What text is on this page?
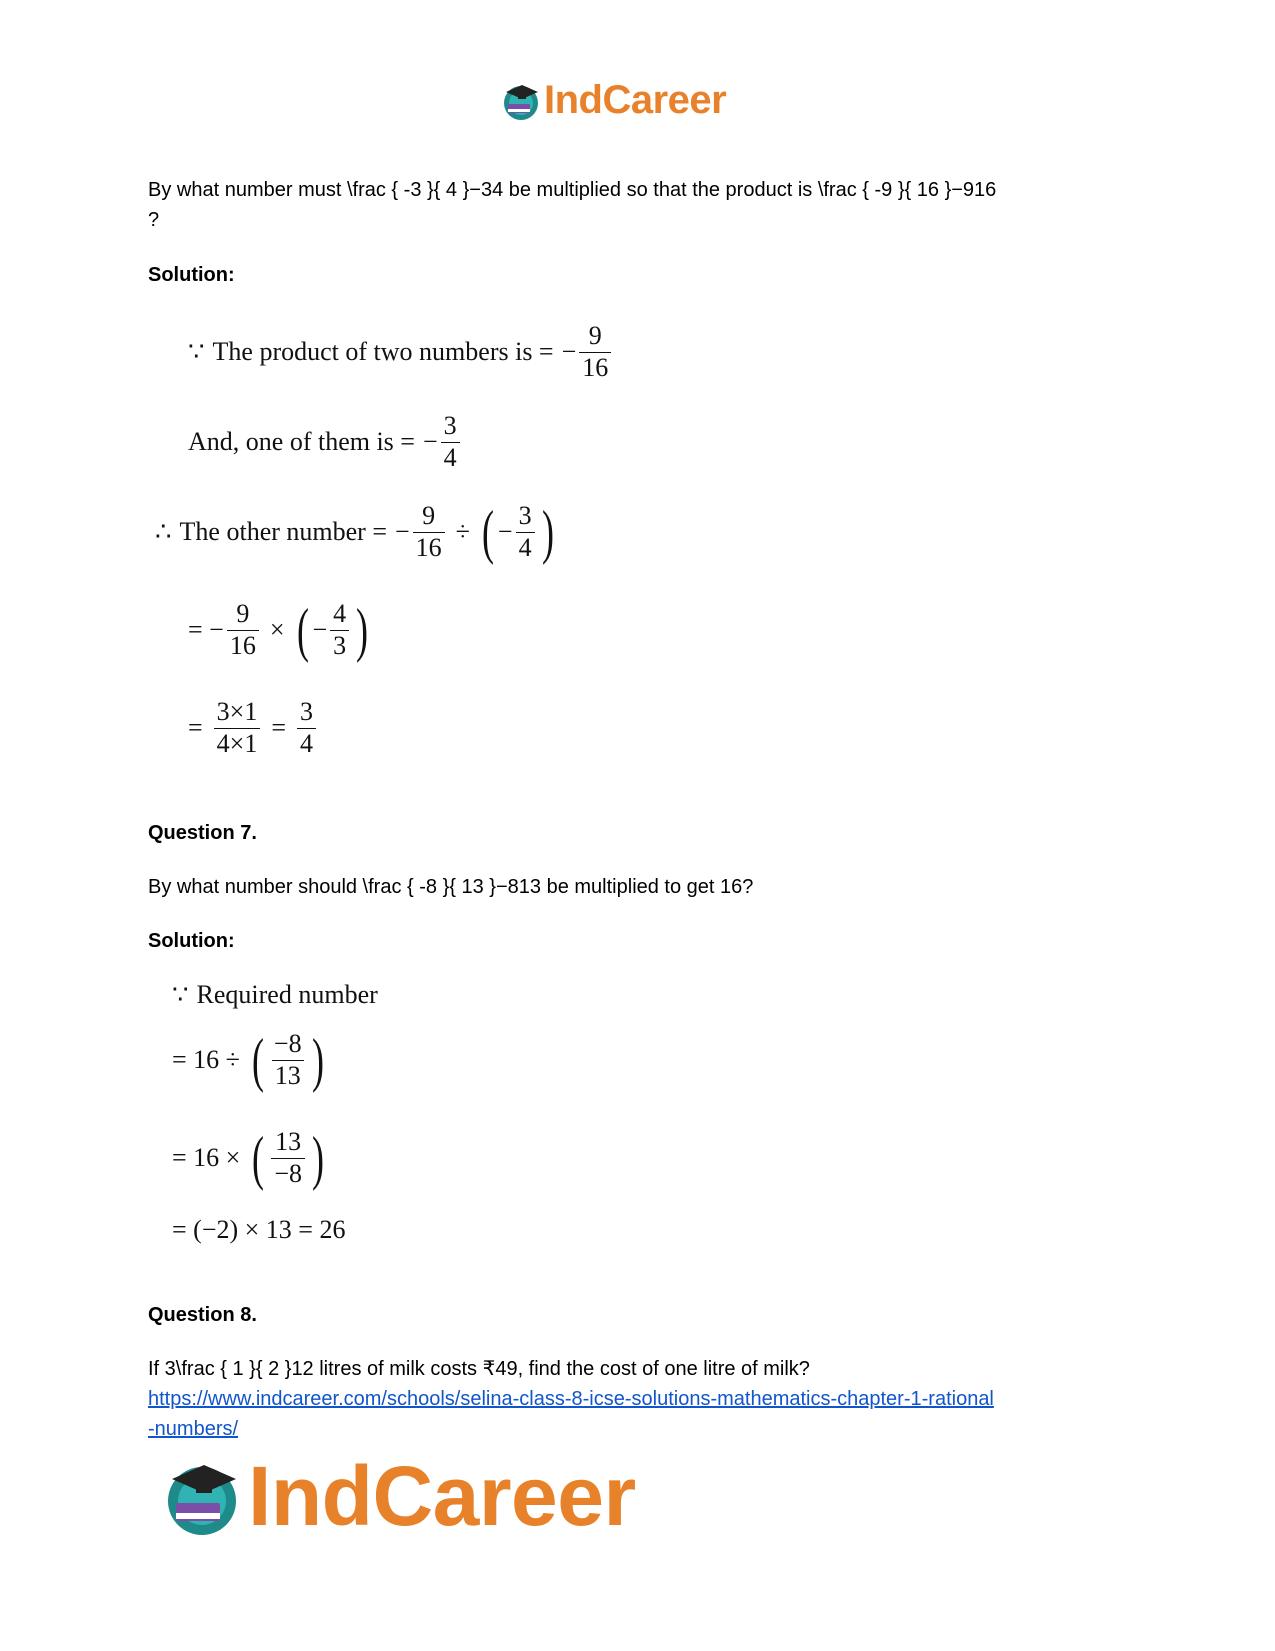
IndCareer
By what number must \frac { -3 }{ 4 }−34 be multiplied so that the product is \frac { -9 }{ 16 }−916
?
Solution:
∵ The product of two numbers is = − $\frac{9}{16}$
And, one of them is = − $\frac{3}{4}$
∴ The other number = − $\frac{9}{16}$ ÷ ( − $\frac{3}{4}$ )
= − $\frac{9}{16}$ × ( − $\frac{4}{3}$ )
= $\frac{3\times 1}{4\times 1} = \frac{3}{4}$
Question 7.
By what number should \frac { -8 }{ 13 }−813 be multiplied to get 16?
Solution:
∵ Required number
= 16 ÷ ( $\frac{-8}{13}$ )
= 16 × ( $\frac{13}{-8}$ )
= (−2) × 13 = 26
Question 8.
If 3\frac { 1 }{ 2 }12 litres of milk costs ₹49, find the cost of one litre of milk?
https://www.indcareer.com/schools/selina-class-8-icse-solutions-mathematics-chapter-1-rational
-numbers/
IndCareer
